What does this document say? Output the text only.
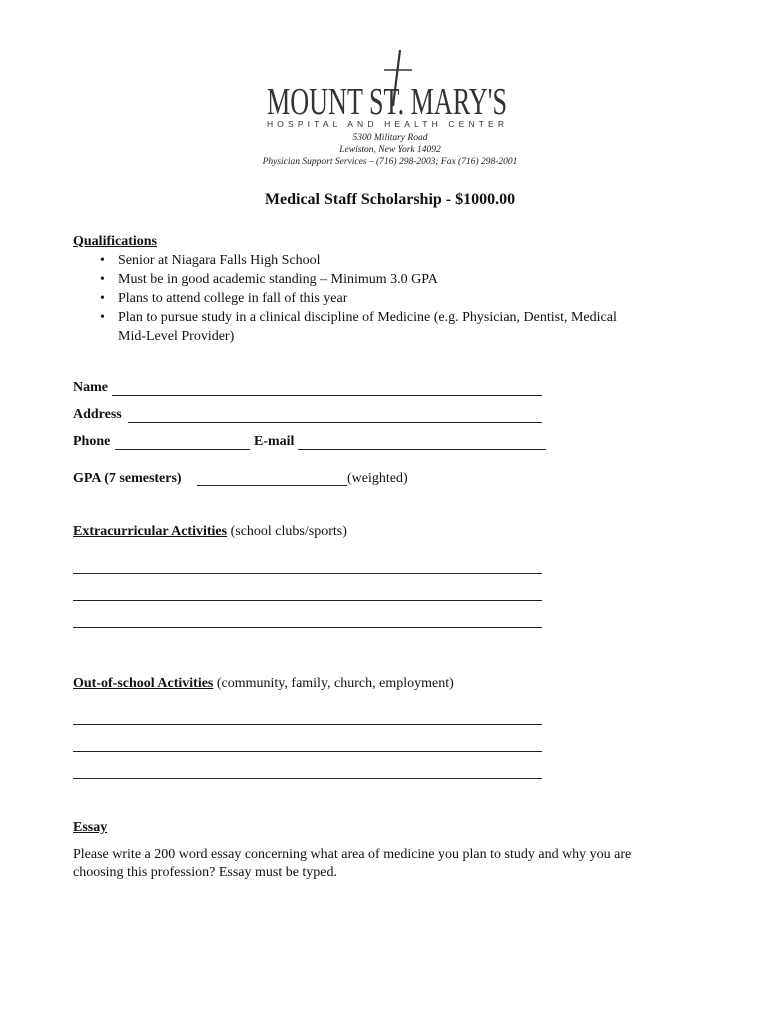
MOUNT ST. MARY'S
HOSPITAL AND HEALTH CENTER
5300 Military Road
Lewiston, New York 14092
Physician Support Services – (716) 298-2003; Fax (716) 298-2001
Medical Staff Scholarship - $1000.00
Qualifications
• Senior at Niagara Falls High School
• Must be in good academic standing – Minimum 3.0 GPA
• Plans to attend college in fall of this year
• Plan to pursue study in a clinical discipline of Medicine (e.g. Physician, Dentist, Medical Mid-Level Provider)
Name
Address
Phone	E-mail
GPA (7 semesters)	(weighted)
Extracurricular Activities (school clubs/sports)
Out-of-school Activities (community, family, church, employment)
Essay
Please write a 200 word essay concerning what area of medicine you plan to study and why you are choosing this profession? Essay must be typed.
